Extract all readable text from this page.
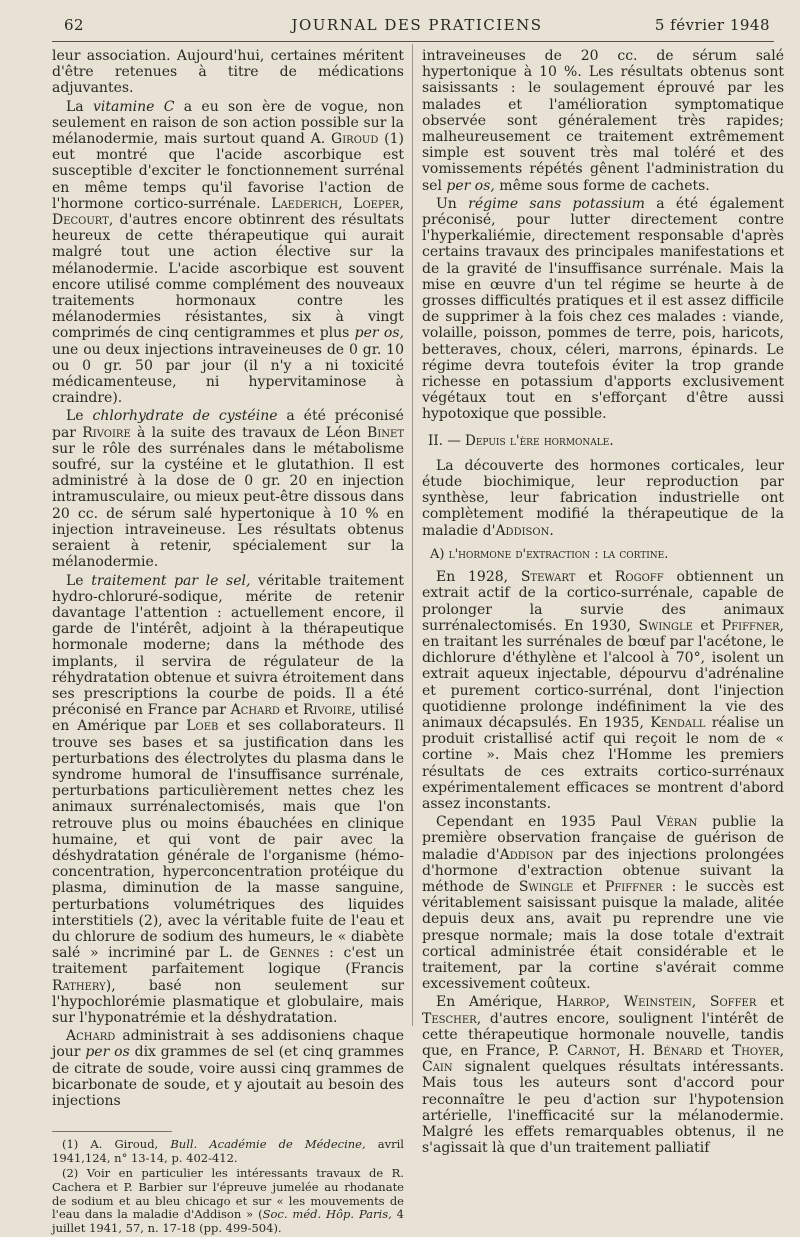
62	JOURNAL DES PRATICIENS	5 février 1948

leur association. Aujourd'hui, certaines méritent d'être retenues à titre de médications adjuvantes.

La vitamine C a eu son ère de vogue, non seulement en raison de son action possible sur la mélanodermie, mais surtout quand A. Giroud (1) eut montré que l'acide ascorbique est susceptible d'exciter le fonctionnement surrénal en même temps qu'il favorise l'action de l'hormone cortico-surrénale. Laederich, Loeper, Decourt, d'autres encore obtinrent des résultats heureux de cette thérapeutique qui aurait malgré tout une action élective sur la mélanodermie. L'acide ascorbique est souvent encore utilisé comme complément des nouveaux traitements hormonaux contre les mélanodermies résistantes, six à vingt comprimés de cinq centigrammes et plus per os, une ou deux injections intraveineuses de 0 gr. 10 ou 0 gr. 50 par jour (il n'y a ni toxicité médicamenteuse, ni hypervitaminose à craindre).

Le chlorhydrate de cystéine a été préconisé par Rivoire à la suite des travaux de Léon Binet sur le rôle des surrénales dans le métabolisme soufré, sur la cystéine et le glutathion. Il est administré à la dose de 0 gr. 20 en injection intramusculaire, ou mieux peut-être dissous dans 20 cc. de sérum salé hypertonique à 10 % en injection intraveineuse. Les résultats obtenus seraient à retenir, spécialement sur la mélanodermie.

Le traitement par le sel, véritable traitement hydro-chloruré-sodique, mérite de retenir davantage l'attention : actuellement encore, il garde de l'intérêt, adjoint à la thérapeutique hormonale moderne; dans la méthode des implants, il servira de régulateur de la réhydratation obtenue et suivra étroitement dans ses prescriptions la courbe de poids. Il a été préconisé en France par Achard et Rivoire, utilisé en Amérique par Loeb et ses collaborateurs. Il trouve ses bases et sa justification dans les perturbations des électrolytes du plasma dans le syndrome humoral de l'insuffisance surrénale, perturbations particulièrement nettes chez les animaux surrénalectomisés, mais que l'on retrouve plus ou moins ébauchées en clinique humaine, et qui vont de pair avec la déshydratation générale de l'organisme (hémo-concentration, hyperconcentration protéique du plasma, diminution de la masse sanguine, perturbations volumétriques des liquides interstitiels (2), avec la véritable fuite de l'eau et du chlorure de sodium des humeurs, le « diabète salé » incriminé par L. de Gennes : c'est un traitement parfaitement logique (Francis Rathery), basé non seulement sur l'hypochlorémie plasmatique et globulaire, mais sur l'hyponatrémie et la déshydratation.

Achard administrait à ses addisoniens chaque jour per os dix grammes de sel (et cinq grammes de citrate de soude, voire aussi cinq grammes de bicarbonate de soude, et y ajoutait au besoin des injections

(1) A. Giroud, Bull. Académie de Médecine, avril 1941,124, n° 13-14, p. 402-412.

(2) Voir en particulier les intéressants travaux de R. Cachera et P. Barbier sur l'épreuve jumelée au rhodanate de sodium et au bleu chicago et sur « les mouvements de l'eau dans la maladie d'Addison » (Soc. méd. Hôp. Paris, 4 juillet 1941, 57, n. 17-18 (pp. 499-504).

intraveineuses de 20 cc. de sérum salé hypertonique à 10 %. Les résultats obtenus sont saisissants : le soulagement éprouvé par les malades et l'amélioration symptomatique observée sont généralement très rapides; malheureusement ce traitement extrêmement simple est souvent très mal toléré et des vomissements répétés gênent l'administration du sel per os, même sous forme de cachets.

Un régime sans potassium a été également préconisé, pour lutter directement contre l'hyperkaliémie, directement responsable d'après certains travaux des principales manifestations et de la gravité de l'insuffisance surrénale. Mais la mise en œuvre d'un tel régime se heurte à de grosses difficultés pratiques et il est assez difficile de supprimer à la fois chez ces malades : viande, volaille, poisson, pommes de terre, pois, haricots, betteraves, choux, céleri, marrons, épinards. Le régime devra toutefois éviter la trop grande richesse en potassium d'apports exclusivement végétaux tout en s'efforçant d'être aussi hypotoxique que possible.

II. — Depuis l'ère hormonale.

La découverte des hormones corticales, leur étude biochimique, leur reproduction par synthèse, leur fabrication industrielle ont complètement modifié la thérapeutique de la maladie d'Addison.

A) l'hormone d'extraction : la cortine.

En 1928, Stewart et Rogoff obtiennent un extrait actif de la cortico-surrénale, capable de prolonger la survie des animaux surrénalectomisés. En 1930, Swingle et Pfiffner, en traitant les surrénales de bœuf par l'acétone, le dichlorure d'éthylène et l'alcool à 70°, isolent un extrait aqueux injectable, dépourvu d'adrénaline et purement cortico-surrénal, dont l'injection quotidienne prolonge indéfiniment la vie des animaux décapsulés. En 1935, Kendall réalise un produit cristallisé actif qui reçoit le nom de « cortine ». Mais chez l'Homme les premiers résultats de ces extraits cortico-surrénaux expérimentalement efficaces se montrent d'abord assez inconstants.

Cependant en 1935 Paul Véran publie la première observation française de guérison de maladie d'Addison par des injections prolongées d'hormone d'extraction obtenue suivant la méthode de Swingle et Pfiffner : le succès est véritablement saisissant puisque la malade, alitée depuis deux ans, avait pu reprendre une vie presque normale; mais la dose totale d'extrait cortical administrée était considérable et le traitement, par la cortine s'avérait comme excessivement coûteux.

En Amérique, Harrop, Weinstein, Soffer et Tescher, d'autres encore, soulignent l'intérêt de cette thérapeutique hormonale nouvelle, tandis que, en France, P. Carnot, H. Bénard et Thoyer, Cain signalent quelques résultats intéressants. Mais tous les auteurs sont d'accord pour reconnaître le peu d'action sur l'hypotension artérielle, l'inefficacité sur la mélanodermie. Malgré les effets remarquables obtenus, il ne s'agissait là que d'un traitement palliatif
